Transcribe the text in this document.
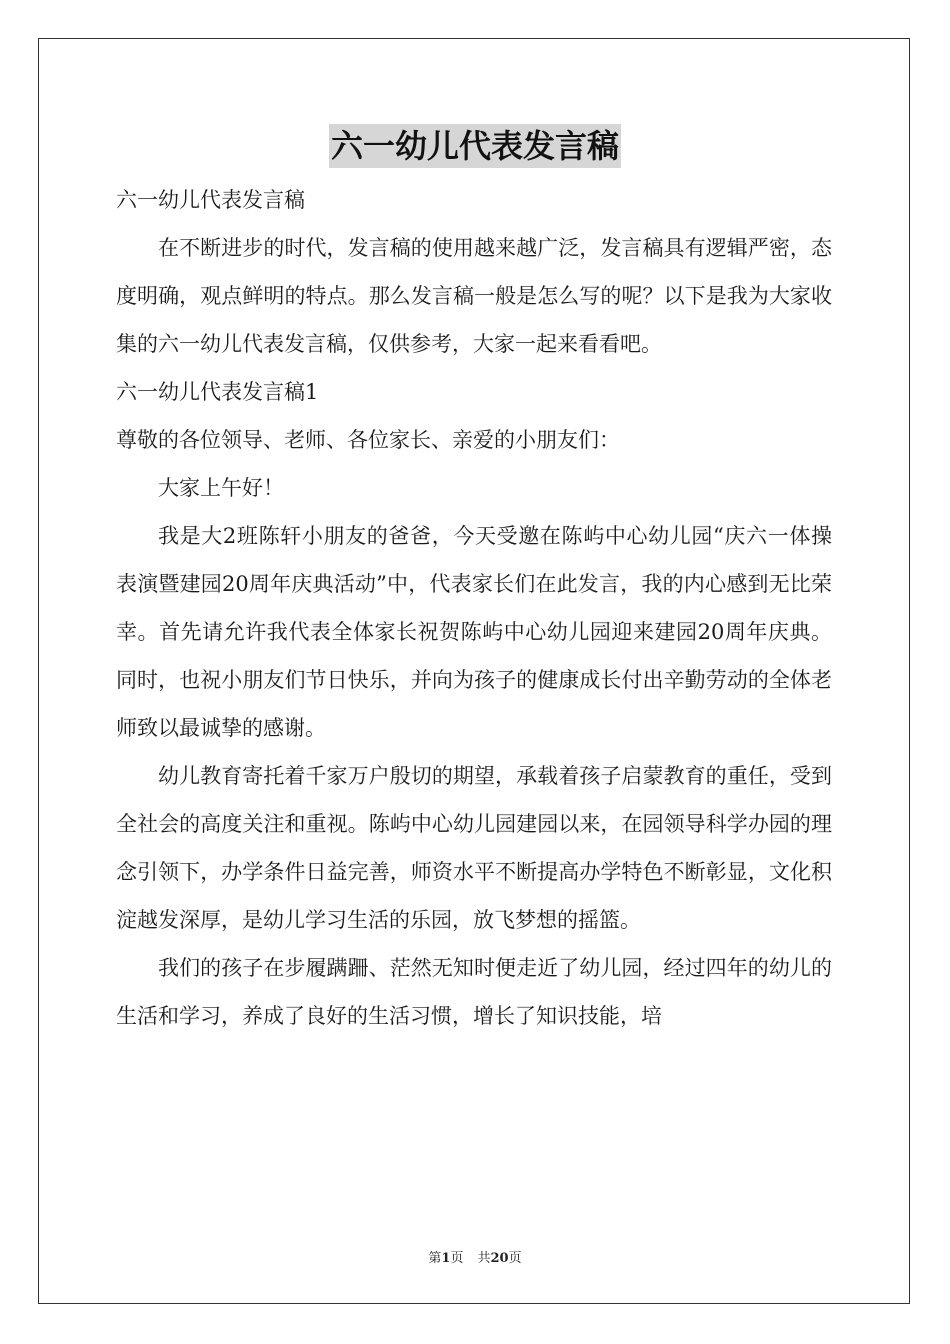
六一幼儿代表发言稿

六一幼儿代表发言稿

在不断进步的时代，发言稿的使用越来越广泛，发言稿具有逻辑严密，态度明确，观点鲜明的特点。那么发言稿一般是怎么写的呢？以下是我为大家收集的六一幼儿代表发言稿，仅供参考，大家一起来看看吧。

六一幼儿代表发言稿1

尊敬的各位领导、老师、各位家长、亲爱的小朋友们：

大家上午好！

我是大2班陈轩小朋友的爸爸，今天受邀在陈屿中心幼儿园“庆六一体操表演暨建园20周年庆典活动”中，代表家长们在此发言，我的内心感到无比荣幸。首先请允许我代表全体家长祝贺陈屿中心幼儿园迎来建园20周年庆典。同时，也祝小朋友们节日快乐，并向为孩子的健康成长付出辛勤劳动的全体老师致以最诚挚的感谢。

幼儿教育寄托着千家万户殷切的期望，承载着孩子启蒙教育的重任，受到全社会的高度关注和重视。陈屿中心幼儿园建园以来，在园领导科学办园的理念引领下，办学条件日益完善，师资水平不断提高办学特色不断彰显，文化积淀越发深厚，是幼儿学习生活的乐园，放飞梦想的摇篮。

我们的孩子在步履蹒跚、茫然无知时便走近了幼儿园，经过四年的幼儿的生活和学习，养成了良好的生活习惯，增长了知识技能，培

第1页 共20页
